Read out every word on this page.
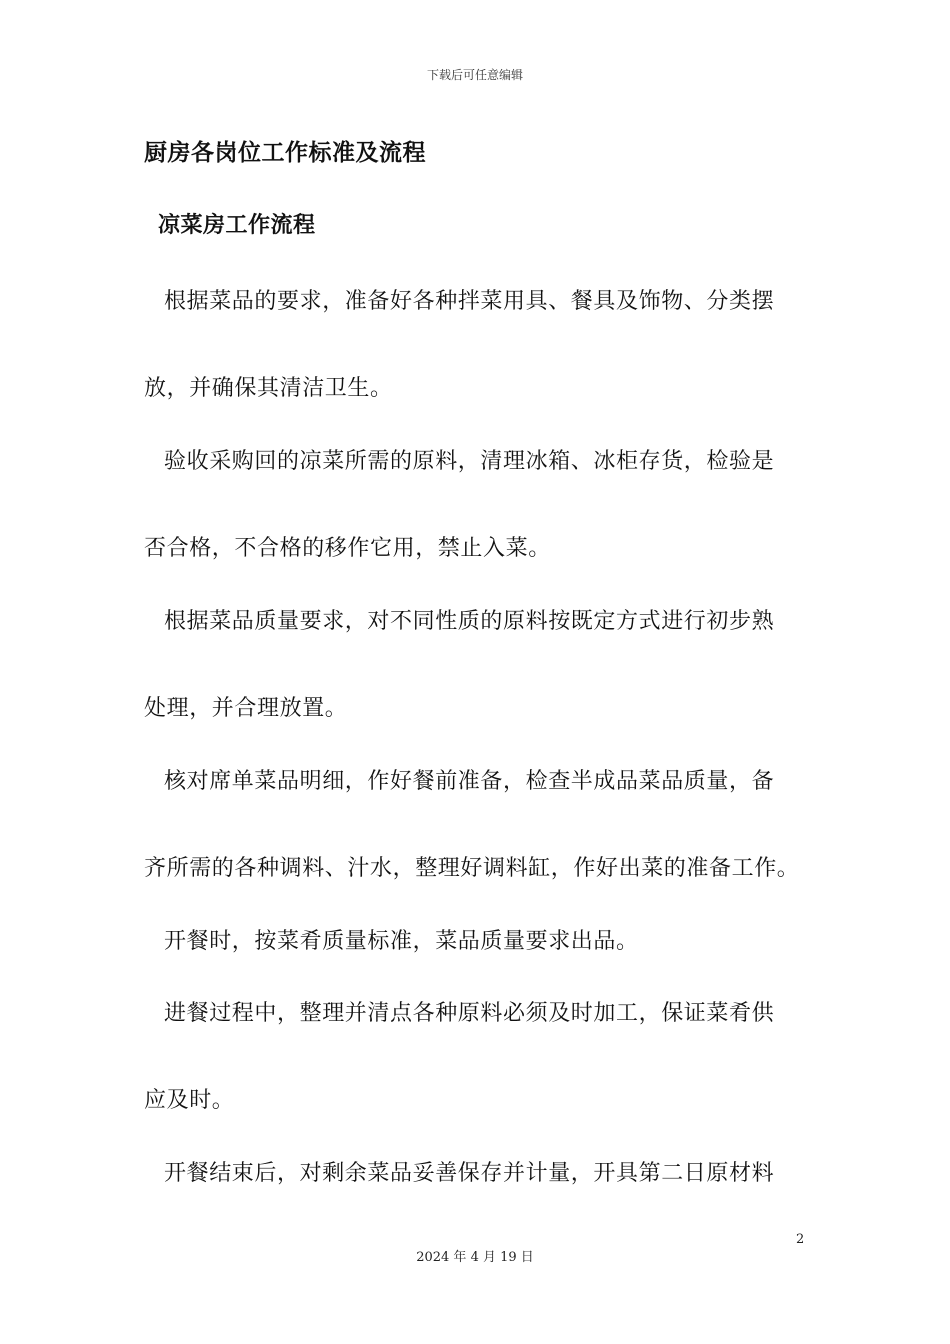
下载后可任意编辑
厨房各岗位工作标准及流程
凉菜房工作流程
根据菜品的要求，准备好各种拌菜用具、餐具及饰物、分类摆
放，并确保其清洁卫生。
验收采购回的凉菜所需的原料，清理冰箱、冰柜存货，检验是
否合格，不合格的移作它用，禁止入菜。
根据菜品质量要求，对不同性质的原料按既定方式进行初步熟
处理，并合理放置。
核对席单菜品明细，作好餐前准备，检查半成品菜品质量，备
齐所需的各种调料、汁水，整理好调料缸，作好出菜的准备工作。
开餐时，按菜肴质量标准，菜品质量要求出品。
进餐过程中，整理并清点各种原料必须及时加工，保证菜肴供
应及时。
开餐结束后，对剩余菜品妥善保存并计量，开具第二日原材料
2
2024 年 4 月 19 日
